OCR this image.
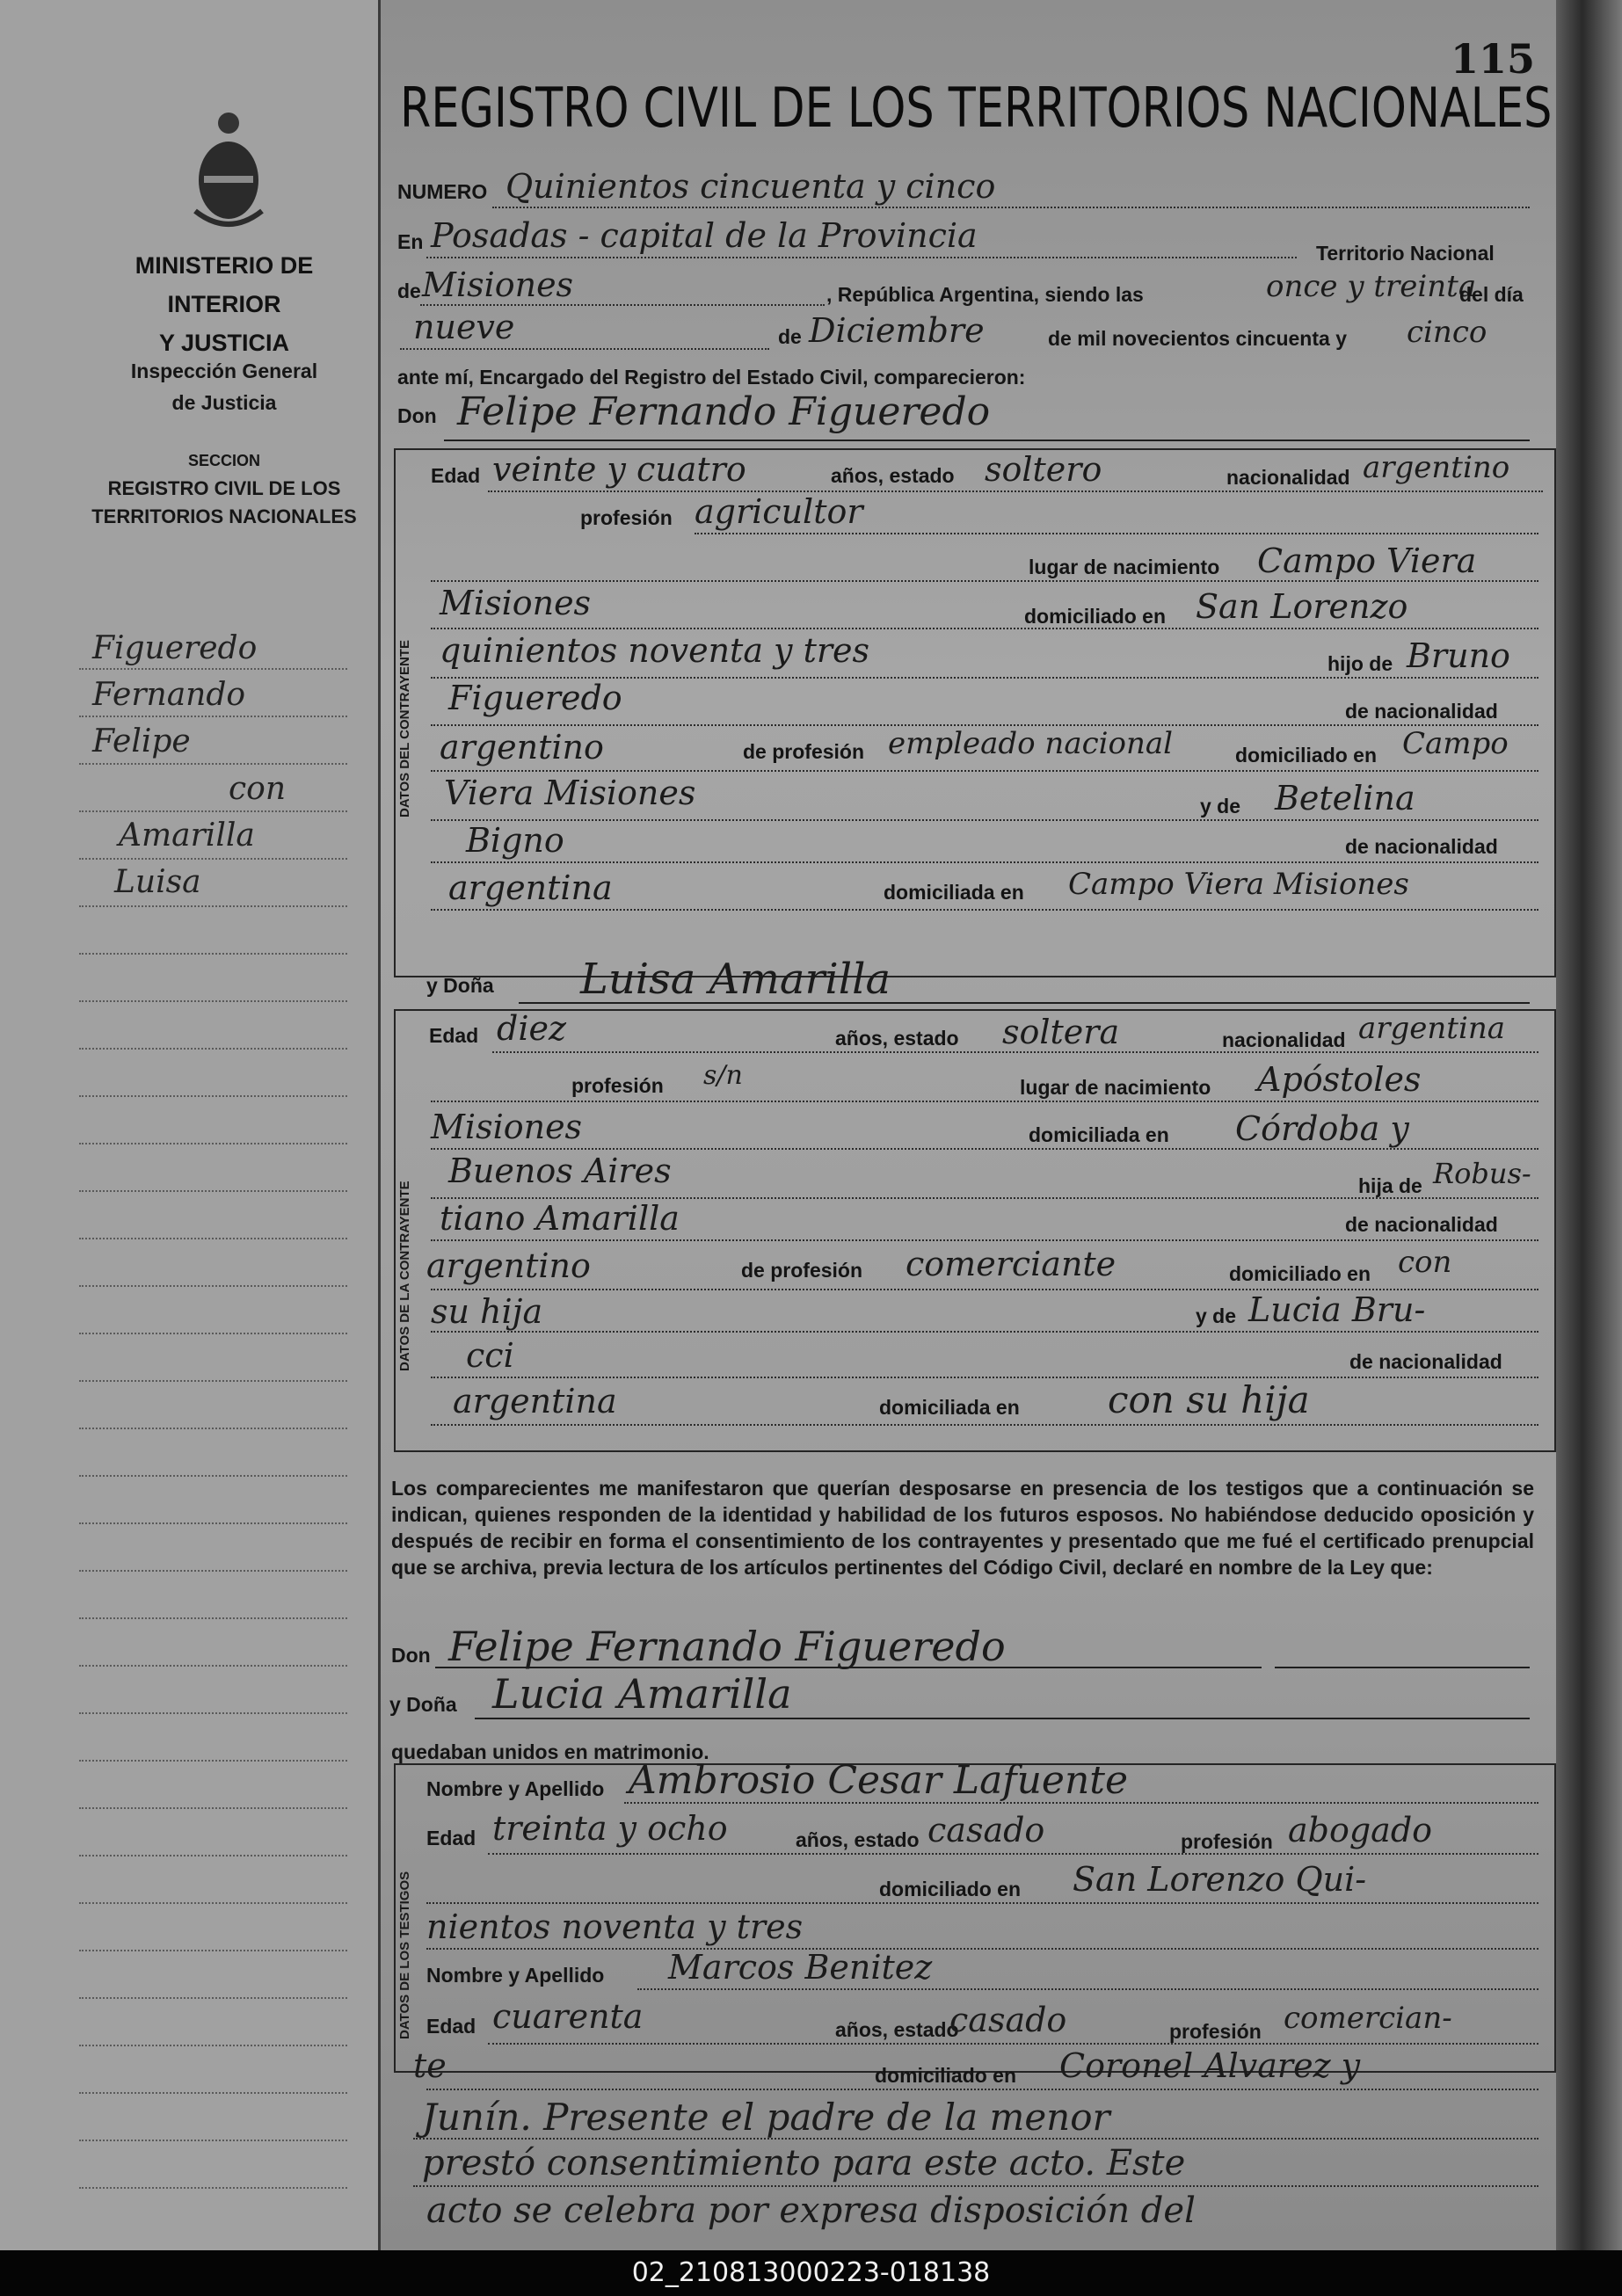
MINISTERIO DE INTERIOR
Y JUSTICIA
Inspección General
de Justicia
SECCION
REGISTRO CIVIL DE LOS
TERRITORIOS NACIONALES
Figueredo
Fernando
Felipe
con
Amarilla
Luisa
115
REGISTRO CIVIL DE LOS TERRITORIOS NACIONALES
NUMERO Quinientos cincuenta y cinco
En Posadas - capital de la Provincia	Territorio Nacional
de Misiones	, República Argentina, siendo las	once y treinta
del día
nueve	de Diciembre	de mil novecientos cincuenta y cinco
ante mí, Encargado del Registro del Estado Civil, comparecieron:
Don Felipe Fernando Figueredo
DATOS DEL CONTRAYENTE
Edad veinte y cuatro	años, estado soltero	nacionalidad argentino
profesión agricultor
lugar de nacimiento Campo Viera
Misiones	domiciliado en San Lorenzo
quinientos noventa y tres	hijo de Bruno
Figueredo	de nacionalidad
argentino	de profesión empleado nacional	domiciliado en Campo
Viera Misiones	y de Betelina
Bigno	de nacionalidad
argentina	domiciliada en Campo Viera Misiones
y Doña Luisa Amarilla
DATOS DE LA CONTRAYENTE
Edad diez	años, estado soltera	nacionalidad argentina
profesión s/n	lugar de nacimiento Apóstoles
Misiones	domiciliada en Córdoba y
Buenos Aires	hija de Robus-
tiano Amarilla	de nacionalidad
argentino	de profesión comerciante	domiciliado en con
su hija	y de Lucia Bru-
cci	de nacionalidad
argentina	domiciliada en con su hija
Los comparecientes me manifestaron que querían desposarse en presencia de los testigos que a continuación se indican, quienes responden de la identidad y habilidad de los futuros esposos. No habiéndose deducido oposición y después de recibir en forma el consentimiento de los contrayentes y presentado que me fué el certificado prenupcial que se archiva, previa lectura de los artículos pertinentes del Código Civil, declaré en nombre de la Ley que:
Don Felipe Fernando Figueredo
y Doña Lucia Amarilla
quedaban unidos en matrimonio.
DATOS DE LOS TESTIGOS
Nombre y Apellido Ambrosio Cesar Lafuente
Edad treinta y ocho	años, estado casado	profesión abogado
domiciliado en San Lorenzo Qui-
nientos noventa y tres
Nombre y Apellido Marcos Benitez
Edad cuarenta	años, estado
casado	profesión comercian-
te	domiciliado en Coronel Alvarez y
Junín. Presente el padre de la menor
prestó consentimiento para este acto. Este
acto se celebra por expresa disposición del
02_210813000223-018138
